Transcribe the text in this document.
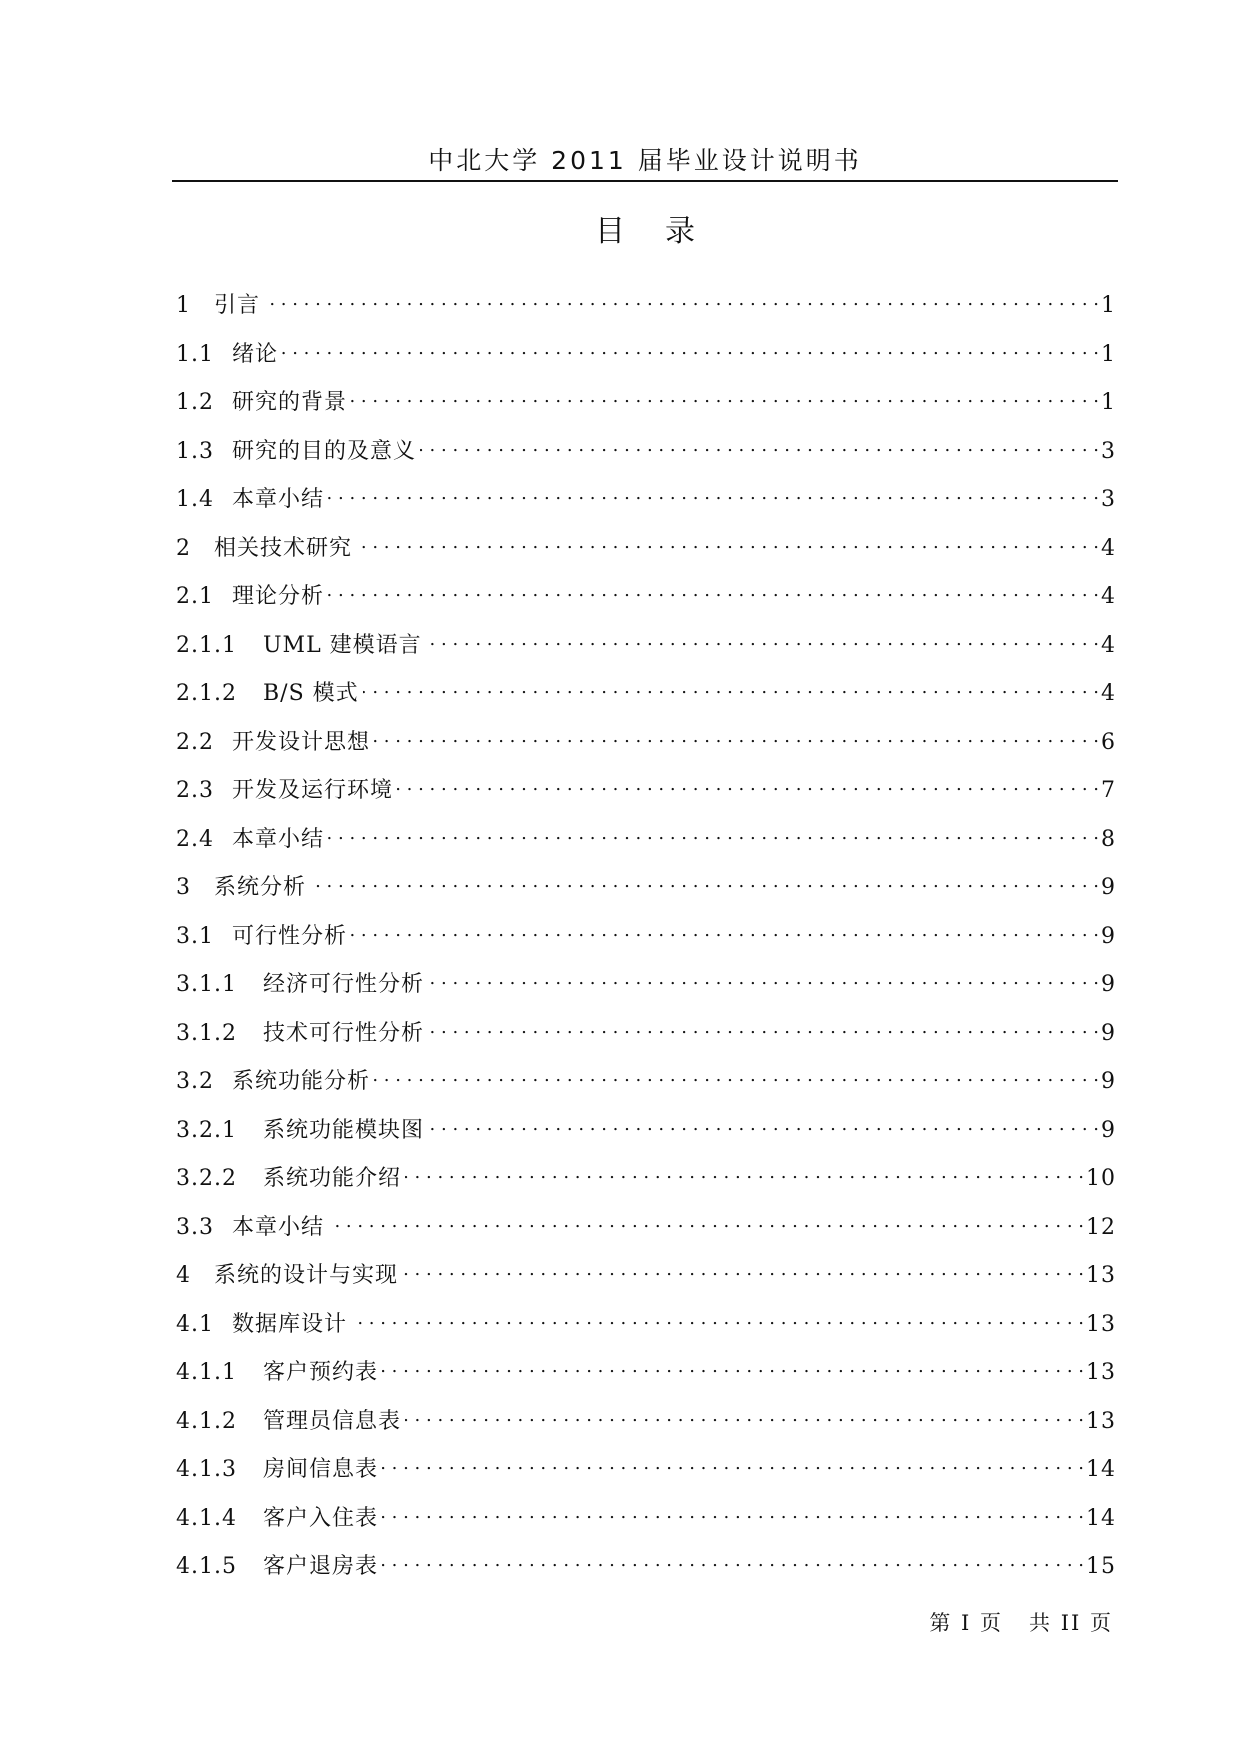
中北大学 2011 届毕业设计说明书
目录
1	引言 . . .	1
1.1 绪论 . . .	1
1.2 研究的背景 . . .	1
1.3 研究的目的及意义 . . .	3
1.4 本章小结 . . .	3
2	相关技术研究 . . .	4
2.1 理论分析 . . .	4
2.1.1	UML 建模语言 . . .	4
2.1.2	B/S 模式 . . .	4
2.2 开发设计思想 . . .	6
2.3 开发及运行环境 . . .	7
2.4 本章小结 . . .	8
3	系统分析 . . .	9
3.1 可行性分析 . . .	9
3.1.1	经济可行性分析 . . .	9
3.1.2	技术可行性分析 . . .	9
3.2 系统功能分析 . . .	9
3.2.1	系统功能模块图 . . .	9
3.2.2	系统功能介绍 . . .	10
3.3 本章小结 . . .	12
4	系统的设计与实现 . . .	13
4.1 数据库设计 . . .	13
4.1.1	客户预约表 . . .	13
4.1.2	管理员信息表 . . .	13
4.1.3	房间信息表 . . .	14
4.1.4	客户入住表 . . .	14
4.1.5	客户退房表 . . .	15
第 I 页   共 II 页
